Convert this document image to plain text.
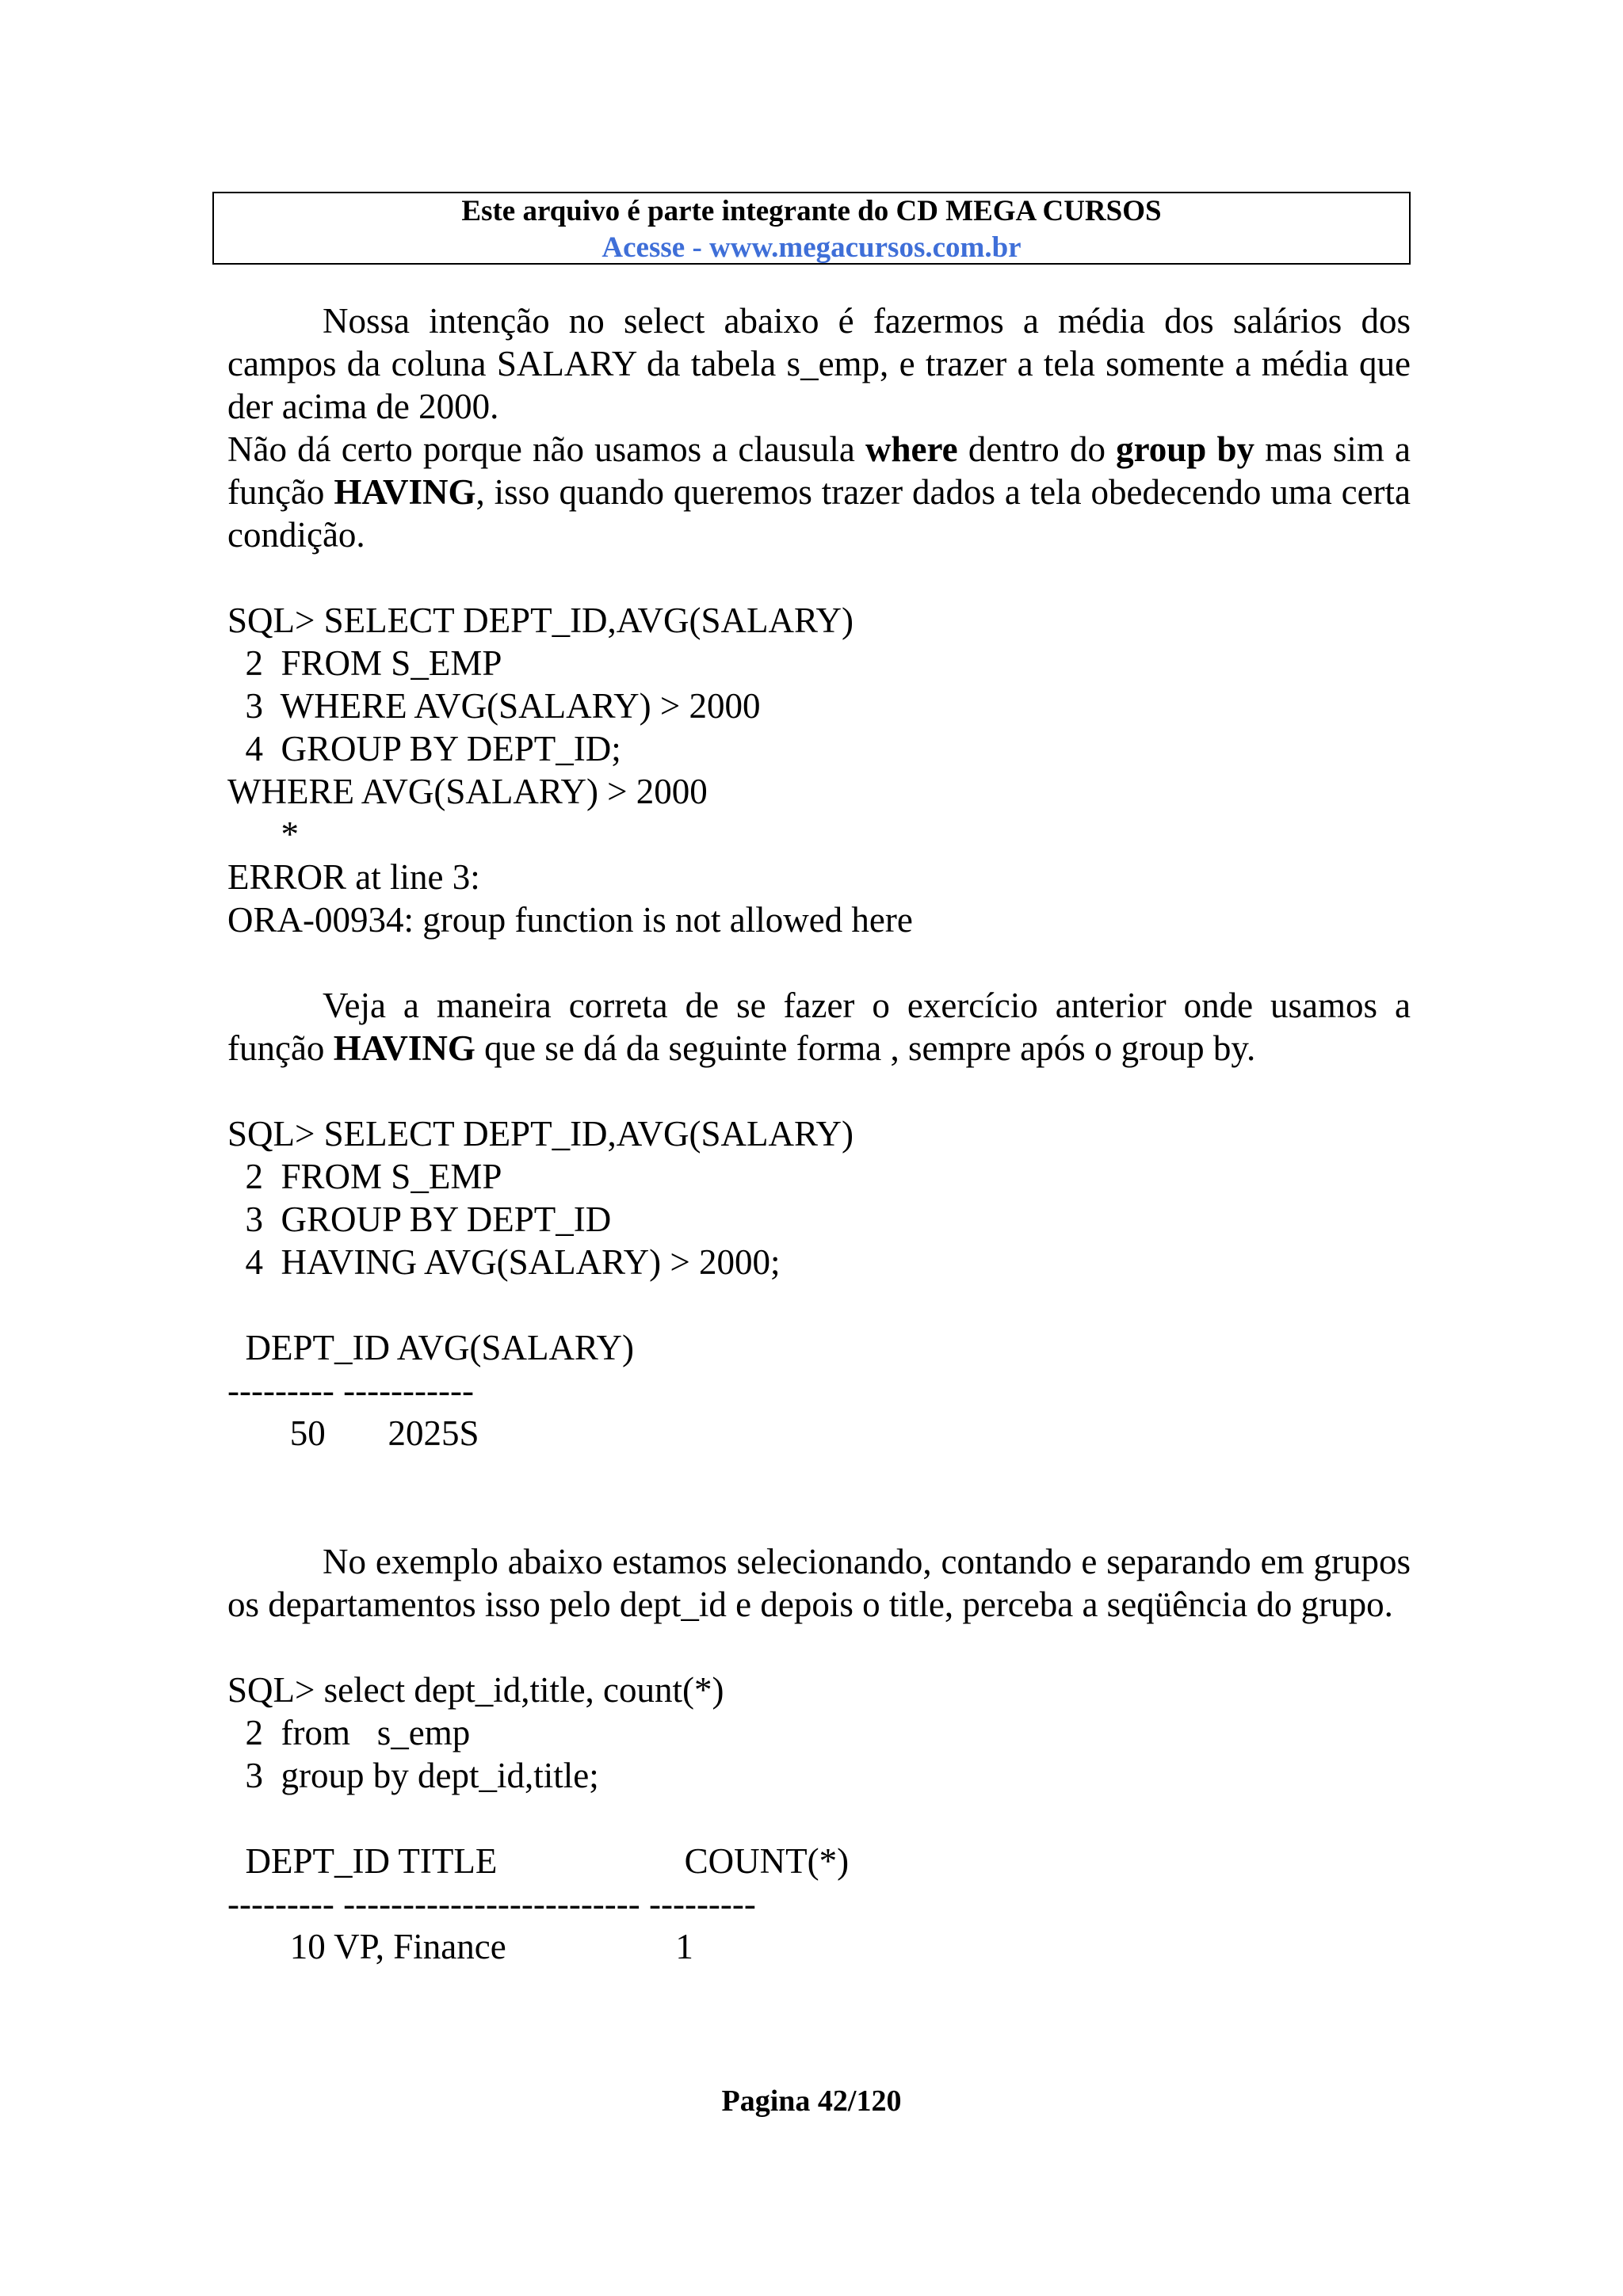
Este arquivo é parte integrante do CD MEGA CURSOS
Acesse - www.megacursos.com.br

Nossa intenção no select abaixo é fazermos a média dos salários dos campos da coluna SALARY da tabela s_emp, e trazer a tela somente a média que der acima de 2000.

Não dá certo porque não usamos a clausula where dentro do group by mas sim a função HAVING, isso quando queremos trazer dados a tela obedecendo uma certa condição.

SQL> SELECT DEPT_ID,AVG(SALARY)
2  FROM S_EMP
3  WHERE AVG(SALARY) > 2000
4  GROUP BY DEPT_ID;
WHERE AVG(SALARY) > 2000
*
ERROR at line 3:
ORA-00934: group function is not allowed here

Veja a maneira correta de se fazer o exercício anterior onde usamos a função HAVING que se dá da seguinte forma , sempre após o group by.

SQL> SELECT DEPT_ID,AVG(SALARY)
2  FROM S_EMP
3  GROUP BY DEPT_ID
4  HAVING AVG(SALARY) > 2000;
DEPT_ID AVG(SALARY)
--------- -----------
50       2025S

No exemplo abaixo estamos selecionando, contando e separando em grupos os departamentos isso pelo dept_id e depois o title, perceba a seqüência do grupo.

SQL> select dept_id,title, count(*)
2  from   s_emp
3  group by dept_id,title;
DEPT_ID TITLE                     COUNT(*)
--------- ------------------------- ---------
10 VP, Finance                   1
Pagina 42/120
